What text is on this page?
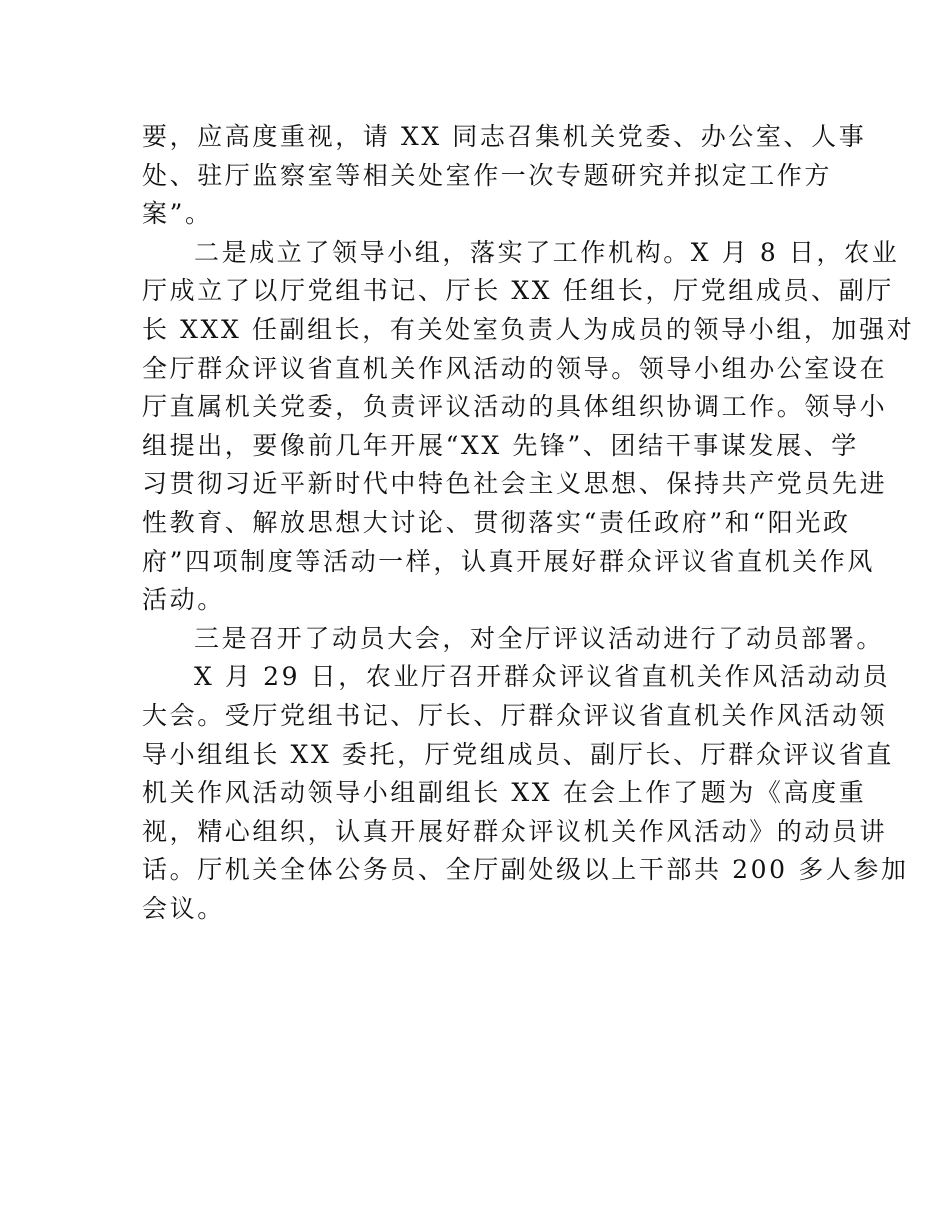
要，应高度重视，请 XX 同志召集机关党委、办公室、人事
处、驻厅监察室等相关处室作一次专题研究并拟定工作方
案”。
二是成立了领导小组，落实了工作机构。X 月 8 日，农业
厅成立了以厅党组书记、厅长 XX 任组长，厅党组成员、副厅
长 XXX 任副组长，有关处室负责人为成员的领导小组，加强对
全厅群众评议省直机关作风活动的领导。领导小组办公室设在
厅直属机关党委，负责评议活动的具体组织协调工作。领导小
组提出，要像前几年开展“XX 先锋”、团结干事谋发展、学
习贯彻习近平新时代中特色社会主义思想、保持共产党员先进
性教育、解放思想大讨论、贯彻落实“责任政府”和“阳光政
府”四项制度等活动一样，认真开展好群众评议省直机关作风
活动。
三是召开了动员大会，对全厅评议活动进行了动员部署。
X 月 29 日，农业厅召开群众评议省直机关作风活动动员
大会。受厅党组书记、厅长、厅群众评议省直机关作风活动领
导小组组长 XX 委托，厅党组成员、副厅长、厅群众评议省直
机关作风活动领导小组副组长 XX 在会上作了题为《高度重
视，精心组织，认真开展好群众评议机关作风活动》的动员讲
话。厅机关全体公务员、全厅副处级以上干部共 200 多人参加
会议。
